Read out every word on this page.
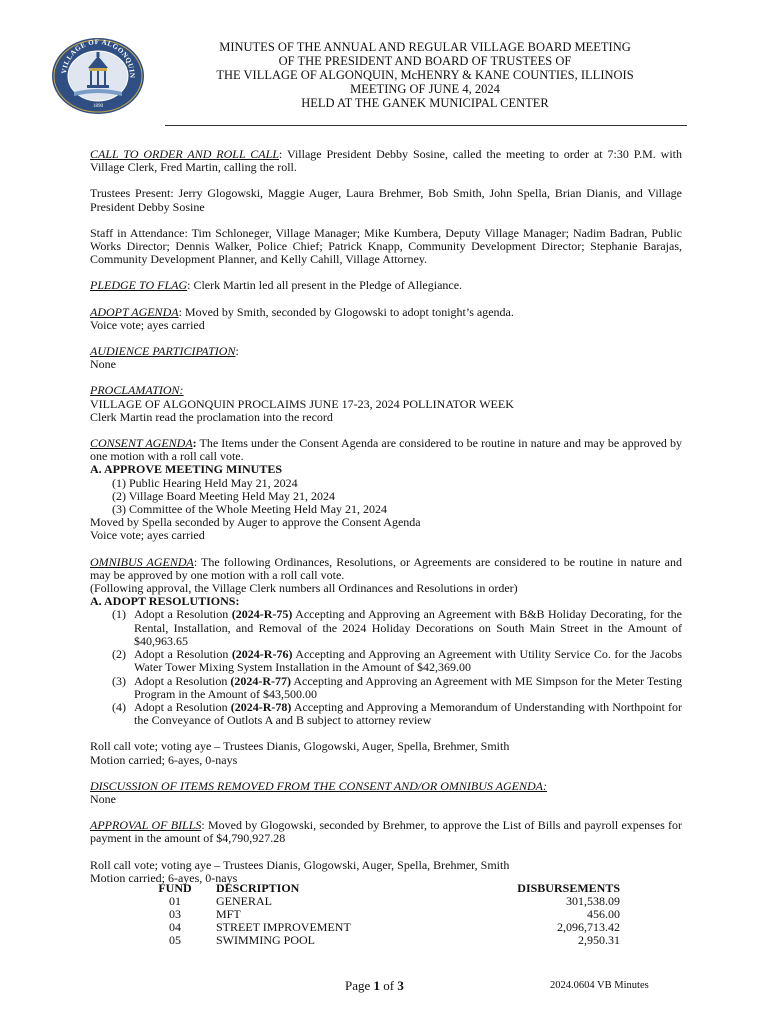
VILLAGE OF ALGONQUIN
1890
MINUTES OF THE ANNUAL AND REGULAR VILLAGE BOARD MEETING
OF THE PRESIDENT AND BOARD OF TRUSTEES OF
THE VILLAGE OF ALGONQUIN, McHENRY & KANE COUNTIES, ILLINOIS
MEETING OF JUNE 4, 2024
HELD AT THE GANEK MUNICIPAL CENTER

CALL TO ORDER AND ROLL CALL: Village President Debby Sosine, called the meeting to order at 7:30 P.M. with Village Clerk, Fred Martin, calling the roll.

Trustees Present: Jerry Glogowski, Maggie Auger, Laura Brehmer, Bob Smith, John Spella, Brian Dianis, and Village President Debby Sosine

Staff in Attendance: Tim Schloneger, Village Manager; Mike Kumbera, Deputy Village Manager; Nadim Badran, Public Works Director; Dennis Walker, Police Chief; Patrick Knapp, Community Development Director; Stephanie Barajas, Community Development Planner, and Kelly Cahill, Village Attorney.

PLEDGE TO FLAG: Clerk Martin led all present in the Pledge of Allegiance.

ADOPT AGENDA: Moved by Smith, seconded by Glogowski to adopt tonight’s agenda.

Voice vote; ayes carried

AUDIENCE PARTICIPATION:

None

PROCLAMATION:

VILLAGE OF ALGONQUIN PROCLAIMS JUNE 17-23, 2024 POLLINATOR WEEK

Clerk Martin read the proclamation into the record

CONSENT AGENDA: The Items under the Consent Agenda are considered to be routine in nature and may be approved by one motion with a roll call vote.

A. APPROVE MEETING MINUTES

(1) Public Hearing Held May 21, 2024

(2) Village Board Meeting Held May 21, 2024

(3) Committee of the Whole Meeting Held May 21, 2024

Moved by Spella seconded by Auger to approve the Consent Agenda

Voice vote; ayes carried

OMNIBUS AGENDA: The following Ordinances, Resolutions, or Agreements are considered to be routine in nature and may be approved by one motion with a roll call vote.

(Following approval, the Village Clerk numbers all Ordinances and Resolutions in order)

A. ADOPT RESOLUTIONS:

(1) Adopt a Resolution (2024-R-75) Accepting and Approving an Agreement with B&B Holiday Decorating, for the Rental, Installation, and Removal of the 2024 Holiday Decorations on South Main Street in the Amount of $40,963.65
(2) Adopt a Resolution (2024-R-76) Accepting and Approving an Agreement with Utility Service Co. for the Jacobs Water Tower Mixing System Installation in the Amount of $42,369.00
(3) Adopt a Resolution (2024-R-77) Accepting and Approving an Agreement with ME Simpson for the Meter Testing Program in the Amount of $43,500.00
(4) Adopt a Resolution (2024-R-78) Accepting and Approving a Memorandum of Understanding with Northpoint for the Conveyance of Outlots A and B subject to attorney review

Roll call vote; voting aye – Trustees Dianis, Glogowski, Auger, Spella, Brehmer, Smith

Motion carried; 6-ayes, 0-nays

DISCUSSION OF ITEMS REMOVED FROM THE CONSENT AND/OR OMNIBUS AGENDA:

None

APPROVAL OF BILLS: Moved by Glogowski, seconded by Brehmer, to approve the List of Bills and payroll expenses for payment in the amount of $4,790,927.28

Roll call vote; voting aye – Trustees Dianis, Glogowski, Auger, Spella, Brehmer, Smith

Motion carried; 6-ayes, 0-nays

FUND	DESCRIPTION	DISBURSEMENTS
01	GENERAL	301,538.09
03	MFT	456.00
04	STREET IMPROVEMENT	2,096,713.42
05	SWIMMING POOL	2,950.31
Page 1 of 3	2024.0604 VB Minutes
